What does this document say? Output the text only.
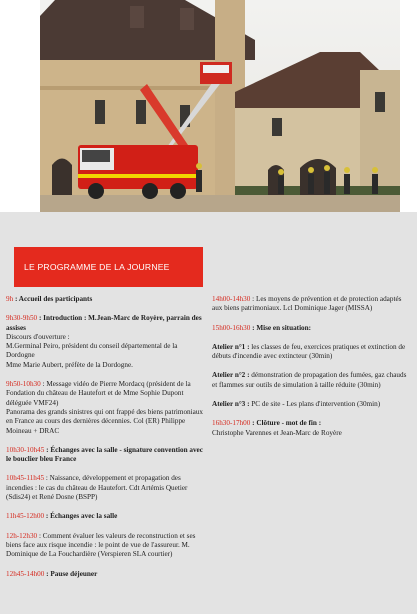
LE PROGRAMME DE LA JOURNEE
9h : Accueil des participants
9h30-9h50 : Introduction : M.Jean-Marc de Royère, parrain des assises

Discours d'ouverture :

M.Germinal Peiro, président du conseil départemental de la Dordogne

Mme Marie Aubert, préfète de la Dordogne.

9h50-10h30 : Message vidéo de Pierre Mordacq (président de la Fondation du château de Hautefort et de Mme Sophie Dupont déléguée VMF24)

Panorama des grands sinistres qui ont frappé des biens patrimoniaux en France au cours des dernières décennies. Col (ER) Philippe Moineau + DRAC

10h30-10h45 : Échanges avec la salle - signature convention avec le bouclier bleu France
10h45-11h45 : Naissance, développement et propagation des incendies : le cas du château de Hautefort. Cdt Artémis Quetier (Sdis24) et René Dosne (BSPP)
11h45-12h00 : Échanges avec la salle
12h-12h30 : Comment évaluer les valeurs de reconstruction et ses biens face aux risque incendie : le point de vue de l'assureur. M. Dominique de La Fouchardière (Verspieren SLA courtier)
12h45-14h00 : Pause déjeuner
14h00-14h30 : Les moyens de prévention et de protection adaptés aux biens patrimoniaux. Lcl Dominique Jager (MISSA)
15h00-16h30 : Mise en situation:
Atelier n°1 : les classes de feu, exercices pratiques et extinction de débuts d'incendie avec extincteur (30min)
Atelier n°2 : démonstration de propagation des fumées, gaz chauds et flammes sur outils de simulation à taille réduite (30min)
Atelier n°3 : PC de site - Les plans d'intervention (30min)
16h30-17h00 : Clôture - mot de fin :

Christophe Varennes et Jean-Marc de Royère
